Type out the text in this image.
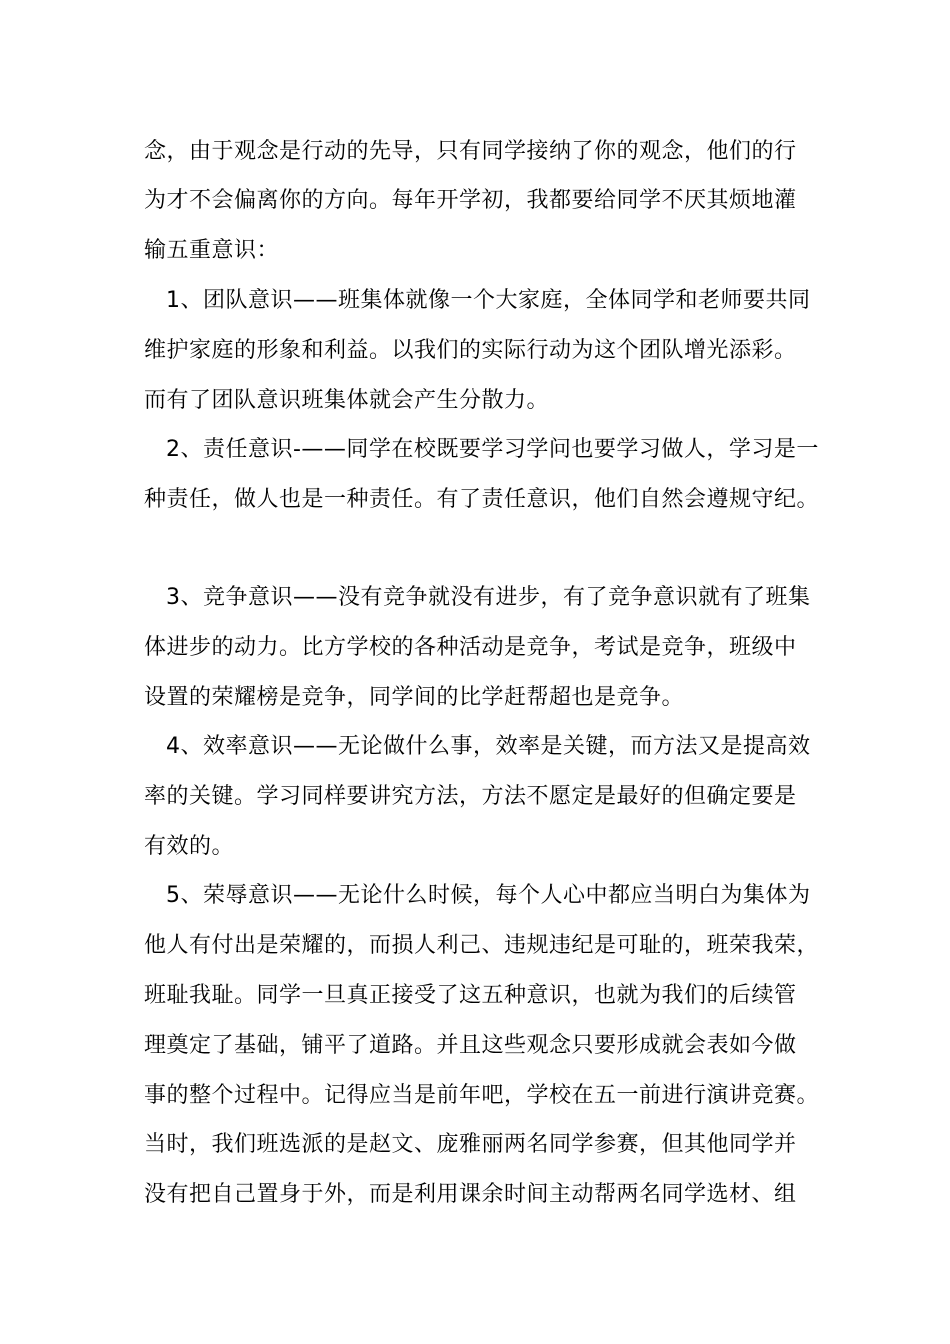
念，由于观念是行动的先导，只有同学接纳了你的观念，他们的行
为才不会偏离你的方向。每年开学初，我都要给同学不厌其烦地灌
输五重意识：
1、团队意识——班集体就像一个大家庭，全体同学和老师要共同
维护家庭的形象和利益。以我们的实际行动为这个团队增光添彩。
而有了团队意识班集体就会产生分散力。
2、责任意识-——同学在校既要学习学问也要学习做人，学习是一
种责任，做人也是一种责任。有了责任意识，他们自然会遵规守纪。
3、竞争意识——没有竞争就没有进步，有了竞争意识就有了班集
体进步的动力。比方学校的各种活动是竞争，考试是竞争，班级中
设置的荣耀榜是竞争，同学间的比学赶帮超也是竞争。
4、效率意识——无论做什么事，效率是关键，而方法又是提高效
率的关键。学习同样要讲究方法，方法不愿定是最好的但确定要是
有效的。
5、荣辱意识——无论什么时候，每个人心中都应当明白为集体为
他人有付出是荣耀的，而损人利己、违规违纪是可耻的，班荣我荣，
班耻我耻。同学一旦真正接受了这五种意识，也就为我们的后续管
理奠定了基础，铺平了道路。并且这些观念只要形成就会表如今做
事的整个过程中。记得应当是前年吧，学校在五一前进行演讲竞赛。
当时，我们班选派的是赵文、庞雅丽两名同学参赛，但其他同学并
没有把自己置身于外，而是利用课余时间主动帮两名同学选材、组
